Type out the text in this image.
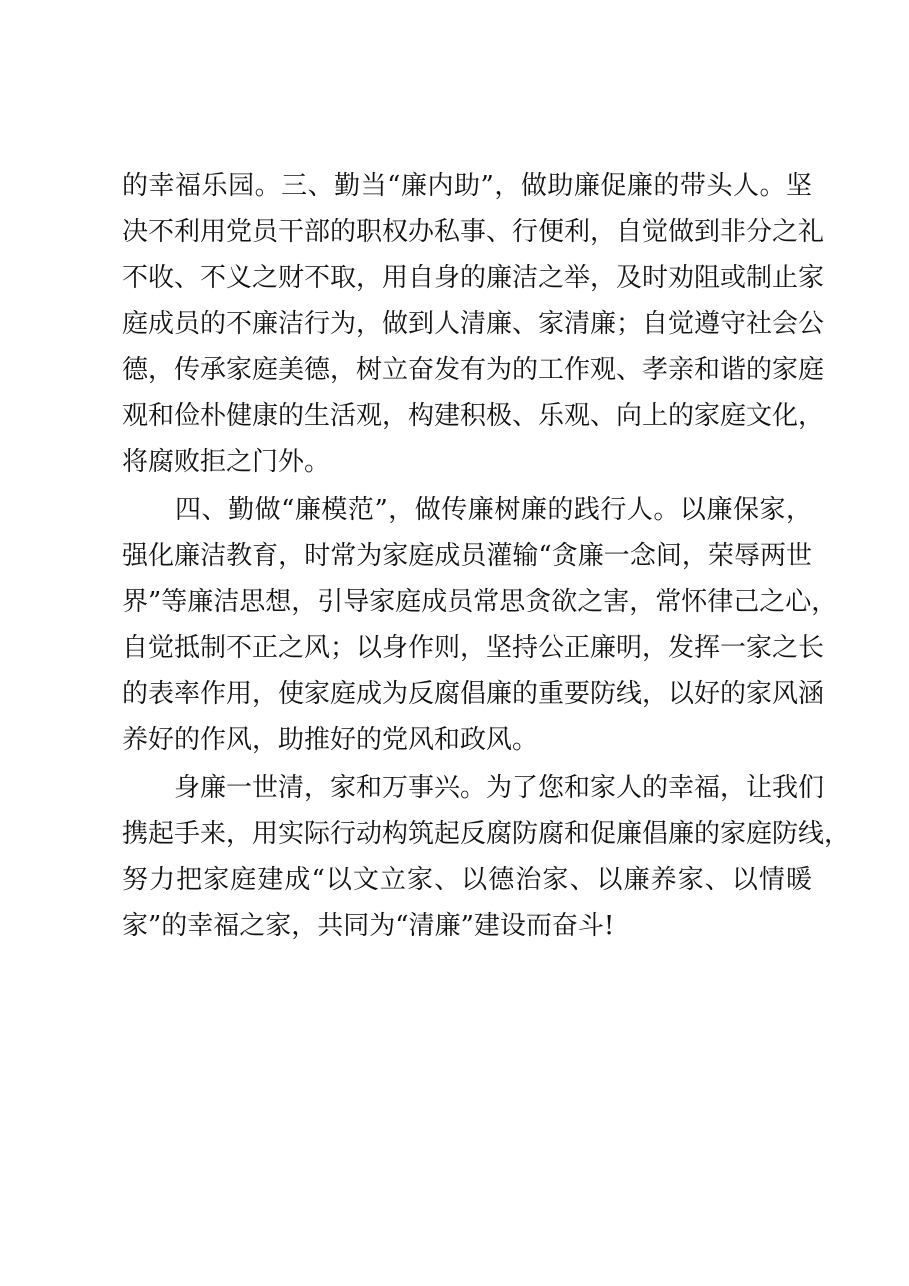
的幸福乐园。三、勤当“廉内助”，做助廉促廉的带头人。坚
决不利用党员干部的职权办私事、行便利，自觉做到非分之礼
不收、不义之财不取，用自身的廉洁之举，及时劝阻或制止家
庭成员的不廉洁行为，做到人清廉、家清廉；自觉遵守社会公
德，传承家庭美德，树立奋发有为的工作观、孝亲和谐的家庭
观和俭朴健康的生活观，构建积极、乐观、向上的家庭文化，
将腐败拒之门外。
　　四、勤做“廉模范”，做传廉树廉的践行人。以廉保家，
强化廉洁教育，时常为家庭成员灌输“贪廉一念间，荣辱两世
界”等廉洁思想，引导家庭成员常思贪欲之害，常怀律己之心，
自觉抵制不正之风；以身作则，坚持公正廉明，发挥一家之长
的表率作用，使家庭成为反腐倡廉的重要防线，以好的家风涵
养好的作风，助推好的党风和政风。
　　身廉一世清，家和万事兴。为了您和家人的幸福，让我们
携起手来，用实际行动构筑起反腐防腐和促廉倡廉的家庭防线，
努力把家庭建成“以文立家、以德治家、以廉养家、以情暖
家”的幸福之家，共同为“清廉”建设而奋斗!
